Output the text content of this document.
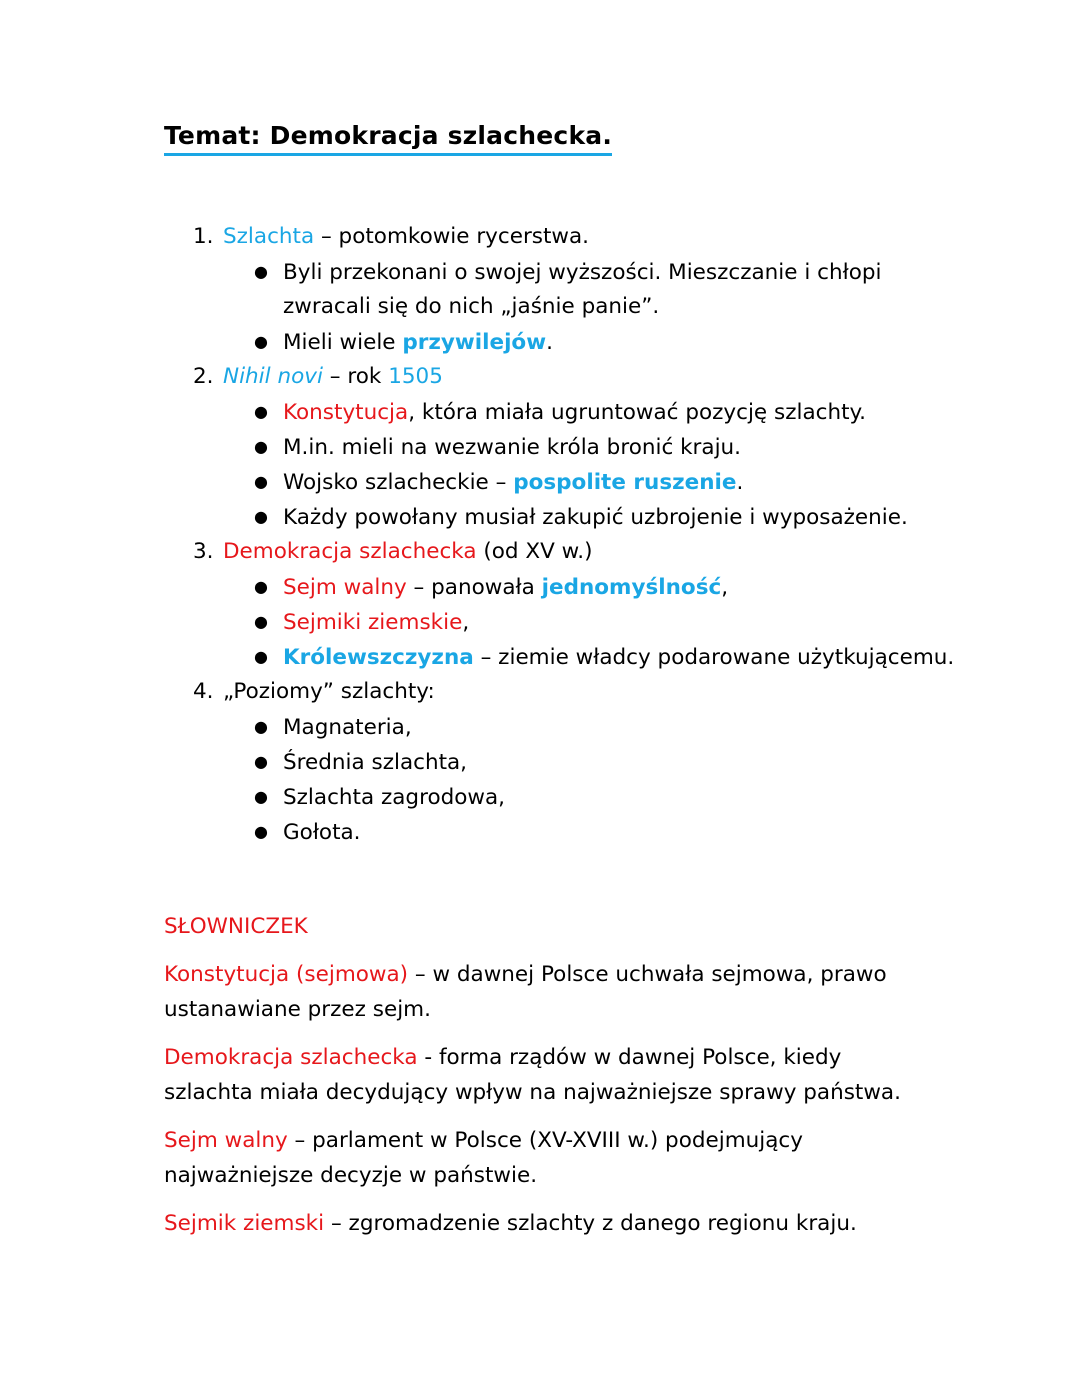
Temat: Demokracja szlachecka.
1. Szlachta – potomkowie rycerstwa.
● Byli przekonani o swojej wyższości. Mieszczanie i chłopi
zwracali się do nich „jaśnie panie”.
● Mieli wiele przywilejów.
2. Nihil novi – rok 1505
● Konstytucja, która miała ugruntować pozycję szlachty.
● M.in. mieli na wezwanie króla bronić kraju.
● Wojsko szlacheckie – pospolite ruszenie.
● Każdy powołany musiał zakupić uzbrojenie i wyposażenie.
3. Demokracja szlachecka (od XV w.)
● Sejm walny – panowała jednomyślność,
● Sejmiki ziemskie,
● Królewszczyzna – ziemie władcy podarowane użytkującemu.
4. „Poziomy” szlachty:
● Magnateria,
● Średnia szlachta,
● Szlachta zagrodowa,
● Gołota.
SŁOWNICZEK
Konstytucja (sejmowa) – w dawnej Polsce uchwała sejmowa, prawo
ustanawiane przez sejm.
Demokracja szlachecka - forma rządów w dawnej Polsce, kiedy
szlachta miała decydujący wpływ na najważniejsze sprawy państwa.
Sejm walny – parlament w Polsce (XV-XVIII w.) podejmujący
najważniejsze decyzje w państwie.
Sejmik ziemski – zgromadzenie szlachty z danego regionu kraju.
